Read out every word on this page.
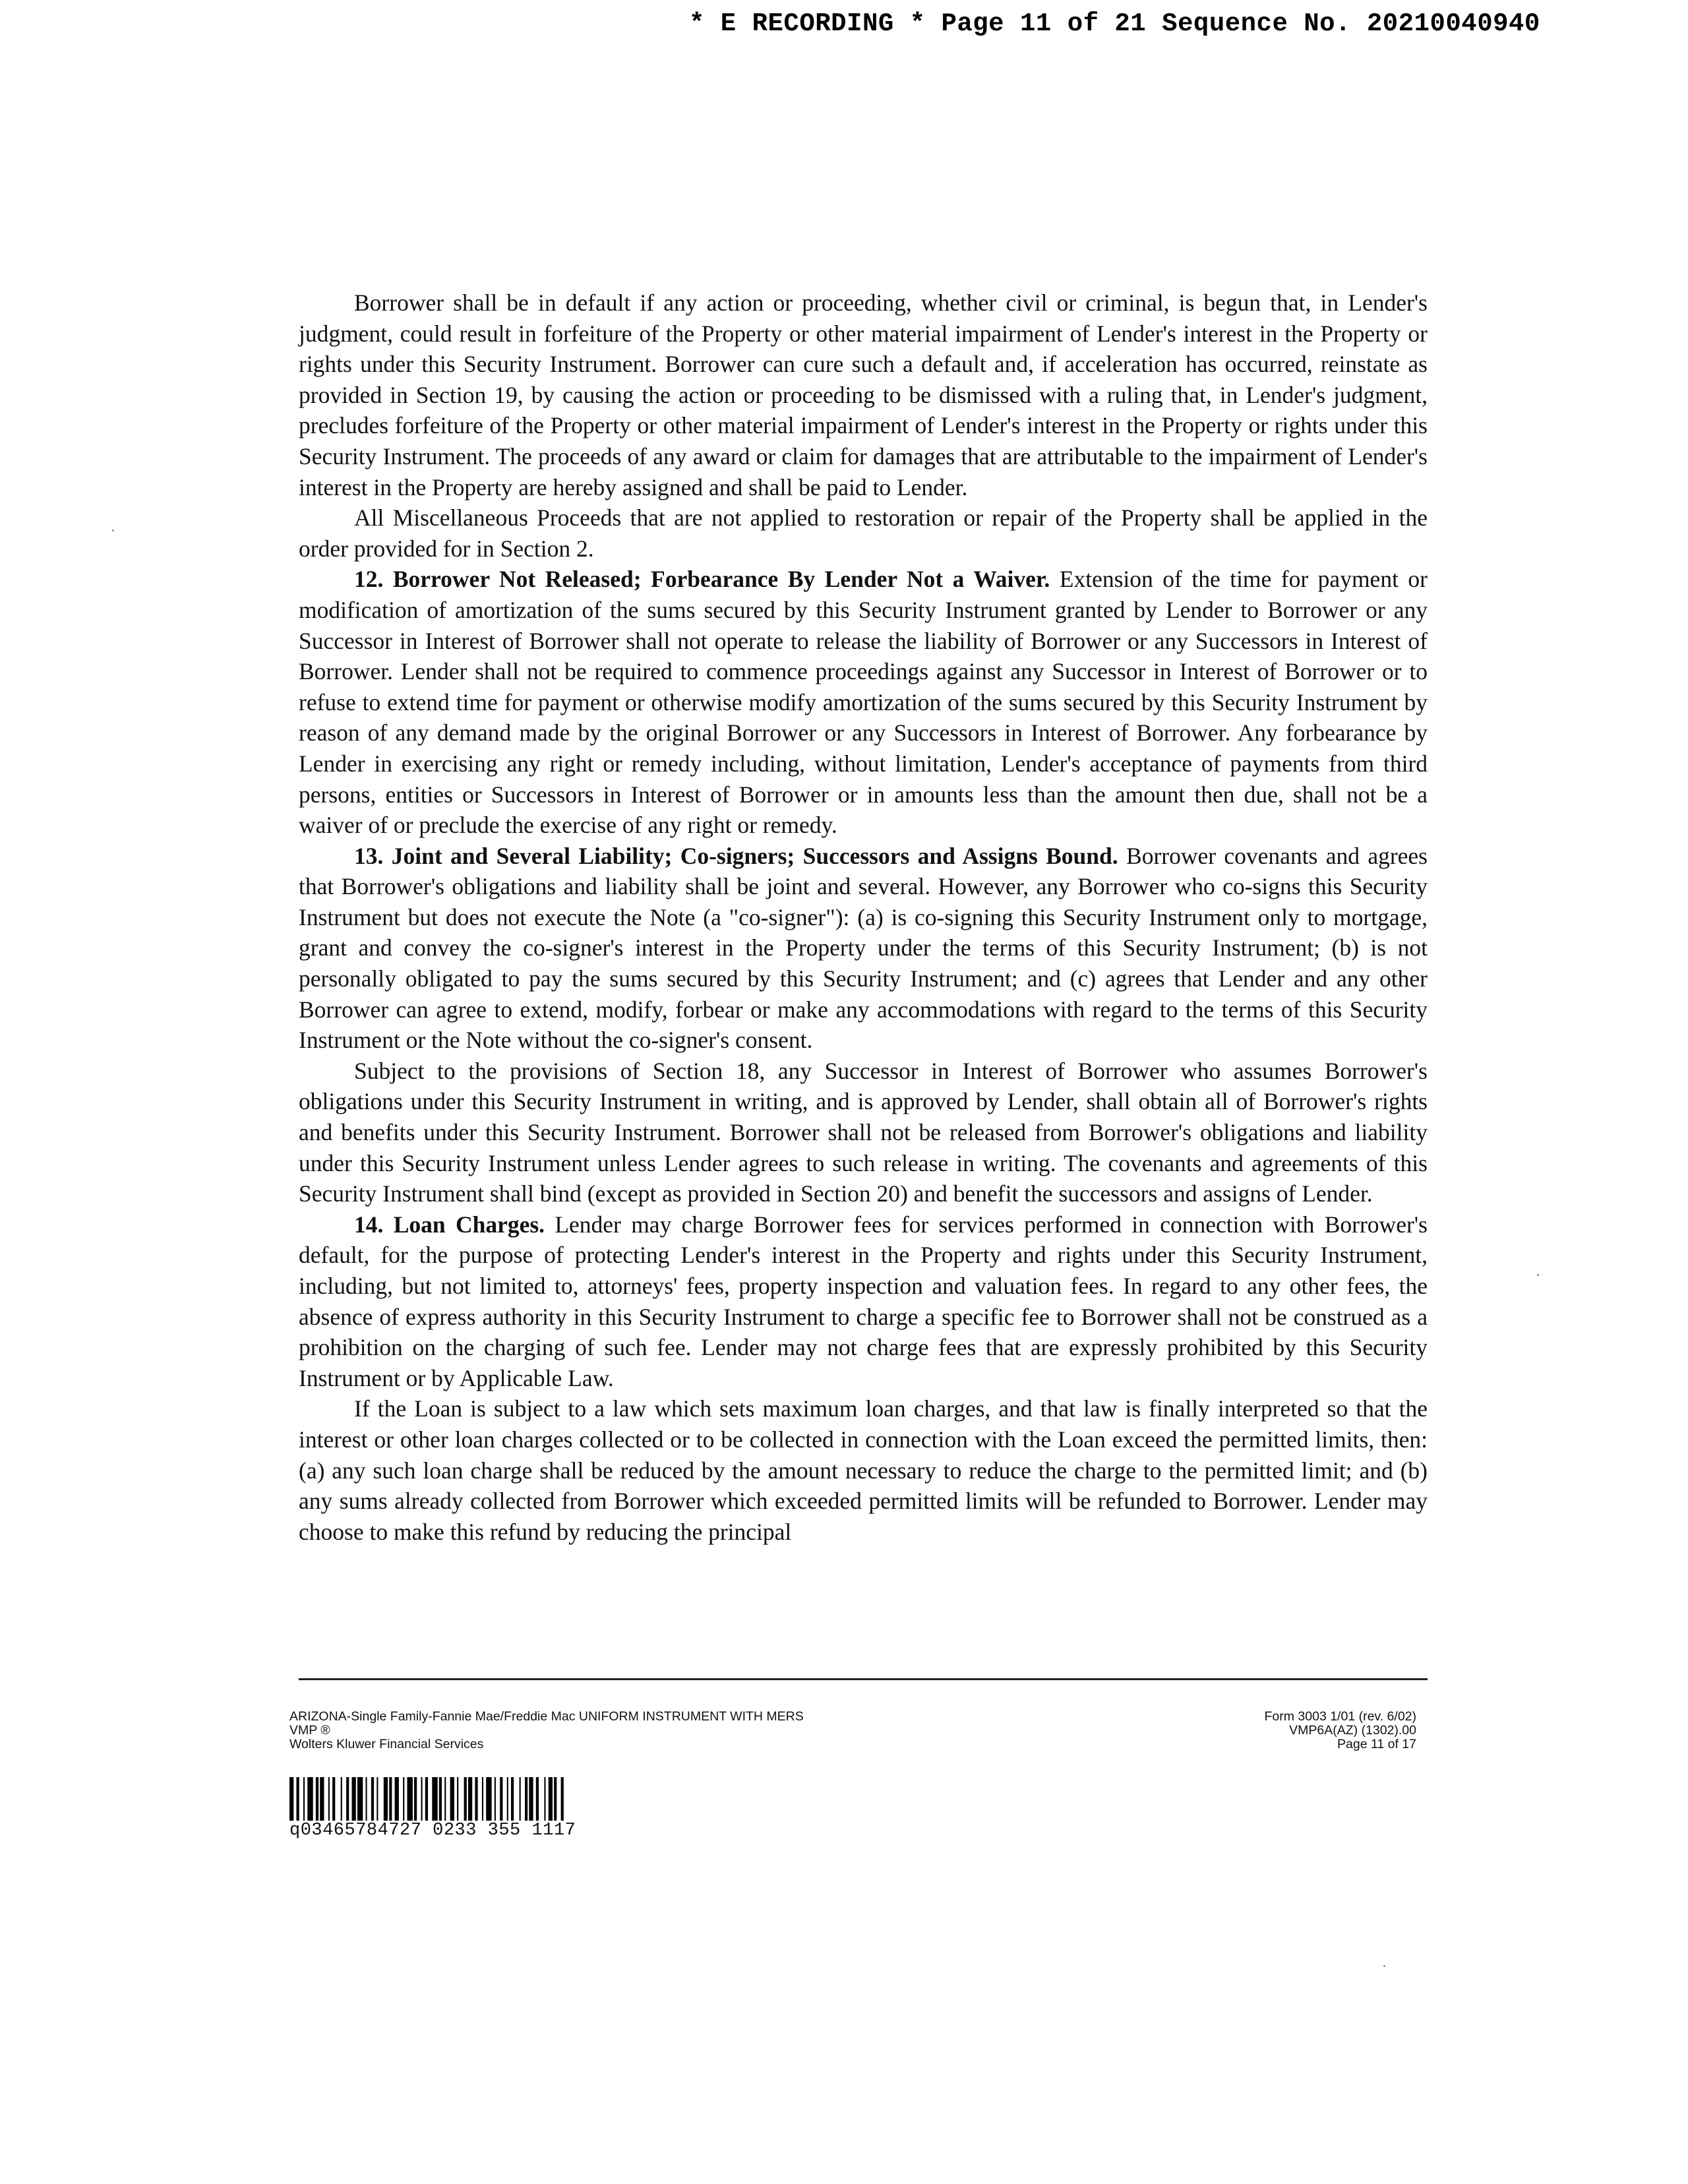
* E RECORDING * Page 11 of 21 Sequence No. 20210040940

Borrower shall be in default if any action or proceeding, whether civil or criminal, is begun that, in Lender's judgment, could result in forfeiture of the Property or other material impairment of Lender's interest in the Property or rights under this Security Instrument. Borrower can cure such a default and, if acceleration has occurred, reinstate as provided in Section 19, by causing the action or proceeding to be dismissed with a ruling that, in Lender's judgment, precludes forfeiture of the Property or other material impairment of Lender's interest in the Property or rights under this Security Instrument. The proceeds of any award or claim for damages that are attributable to the impairment of Lender's interest in the Property are hereby assigned and shall be paid to Lender.

All Miscellaneous Proceeds that are not applied to restoration or repair of the Property shall be applied in the order provided for in Section 2.

12. Borrower Not Released; Forbearance By Lender Not a Waiver. Extension of the time for payment or modification of amortization of the sums secured by this Security Instrument granted by Lender to Borrower or any Successor in Interest of Borrower shall not operate to release the liability of Borrower or any Successors in Interest of Borrower. Lender shall not be required to commence proceedings against any Successor in Interest of Borrower or to refuse to extend time for payment or otherwise modify amortization of the sums secured by this Security Instrument by reason of any demand made by the original Borrower or any Successors in Interest of Borrower. Any forbearance by Lender in exercising any right or remedy including, without limitation, Lender's acceptance of payments from third persons, entities or Successors in Interest of Borrower or in amounts less than the amount then due, shall not be a waiver of or preclude the exercise of any right or remedy.

13. Joint and Several Liability; Co-signers; Successors and Assigns Bound. Borrower covenants and agrees that Borrower's obligations and liability shall be joint and several. However, any Borrower who co-signs this Security Instrument but does not execute the Note (a "co-signer"): (a) is co-signing this Security Instrument only to mortgage, grant and convey the co-signer's interest in the Property under the terms of this Security Instrument; (b) is not personally obligated to pay the sums secured by this Security Instrument; and (c) agrees that Lender and any other Borrower can agree to extend, modify, forbear or make any accommodations with regard to the terms of this Security Instrument or the Note without the co-signer's consent.

Subject to the provisions of Section 18, any Successor in Interest of Borrower who assumes Borrower's obligations under this Security Instrument in writing, and is approved by Lender, shall obtain all of Borrower's rights and benefits under this Security Instrument. Borrower shall not be released from Borrower's obligations and liability under this Security Instrument unless Lender agrees to such release in writing. The covenants and agreements of this Security Instrument shall bind (except as provided in Section 20) and benefit the successors and assigns of Lender.

14. Loan Charges. Lender may charge Borrower fees for services performed in connection with Borrower's default, for the purpose of protecting Lender's interest in the Property and rights under this Security Instrument, including, but not limited to, attorneys' fees, property inspection and valuation fees. In regard to any other fees, the absence of express authority in this Security Instrument to charge a specific fee to Borrower shall not be construed as a prohibition on the charging of such fee. Lender may not charge fees that are expressly prohibited by this Security Instrument or by Applicable Law.

If the Loan is subject to a law which sets maximum loan charges, and that law is finally interpreted so that the interest or other loan charges collected or to be collected in connection with the Loan exceed the permitted limits, then: (a) any such loan charge shall be reduced by the amount necessary to reduce the charge to the permitted limit; and (b) any sums already collected from Borrower which exceeded permitted limits will be refunded to Borrower. Lender may choose to make this refund by reducing the principal

ARIZONA-Single Family-Fannie Mae/Freddie Mac UNIFORM INSTRUMENT WITH MERS
VMP ®
Wolters Kluwer Financial Services
Form 3003 1/01 (rev. 6/02)
VMP6A(AZ) (1302).00
Page 11 of 17
q03465784727 0233 355 1117
